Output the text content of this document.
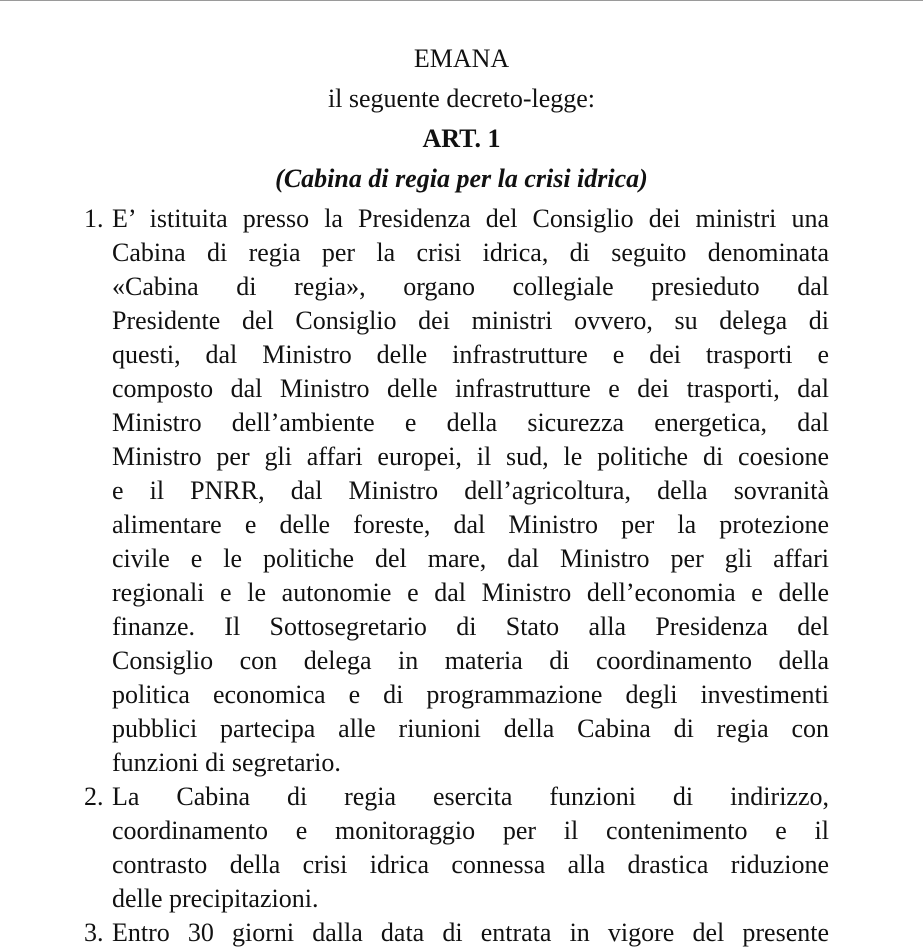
EMANA
il seguente decreto-legge:
ART. 1
(Cabina di regia per la crisi idrica)
1. E’ istituita presso la Presidenza del Consiglio dei ministri una
Cabina di regia per la crisi idrica, di seguito denominata
«Cabina di regia», organo collegiale presieduto dal
Presidente del Consiglio dei ministri ovvero, su delega di
questi, dal Ministro delle infrastrutture e dei trasporti e
composto dal Ministro delle infrastrutture e dei trasporti, dal
Ministro dell’ambiente e della sicurezza energetica, dal
Ministro per gli affari europei, il sud, le politiche di coesione
e il PNRR, dal Ministro dell’agricoltura, della sovranità
alimentare e delle foreste, dal Ministro per la protezione
civile e le politiche del mare, dal Ministro per gli affari
regionali e le autonomie e dal Ministro dell’economia e delle
finanze. Il Sottosegretario di Stato alla Presidenza del
Consiglio con delega in materia di coordinamento della
politica economica e di programmazione degli investimenti
pubblici partecipa alle riunioni della Cabina di regia con
funzioni di segretario.
2. La Cabina di regia esercita funzioni di indirizzo,
coordinamento e monitoraggio per il contenimento e il
contrasto della crisi idrica connessa alla drastica riduzione
delle precipitazioni.
3. Entro 30 giorni dalla data di entrata in vigore del presente
